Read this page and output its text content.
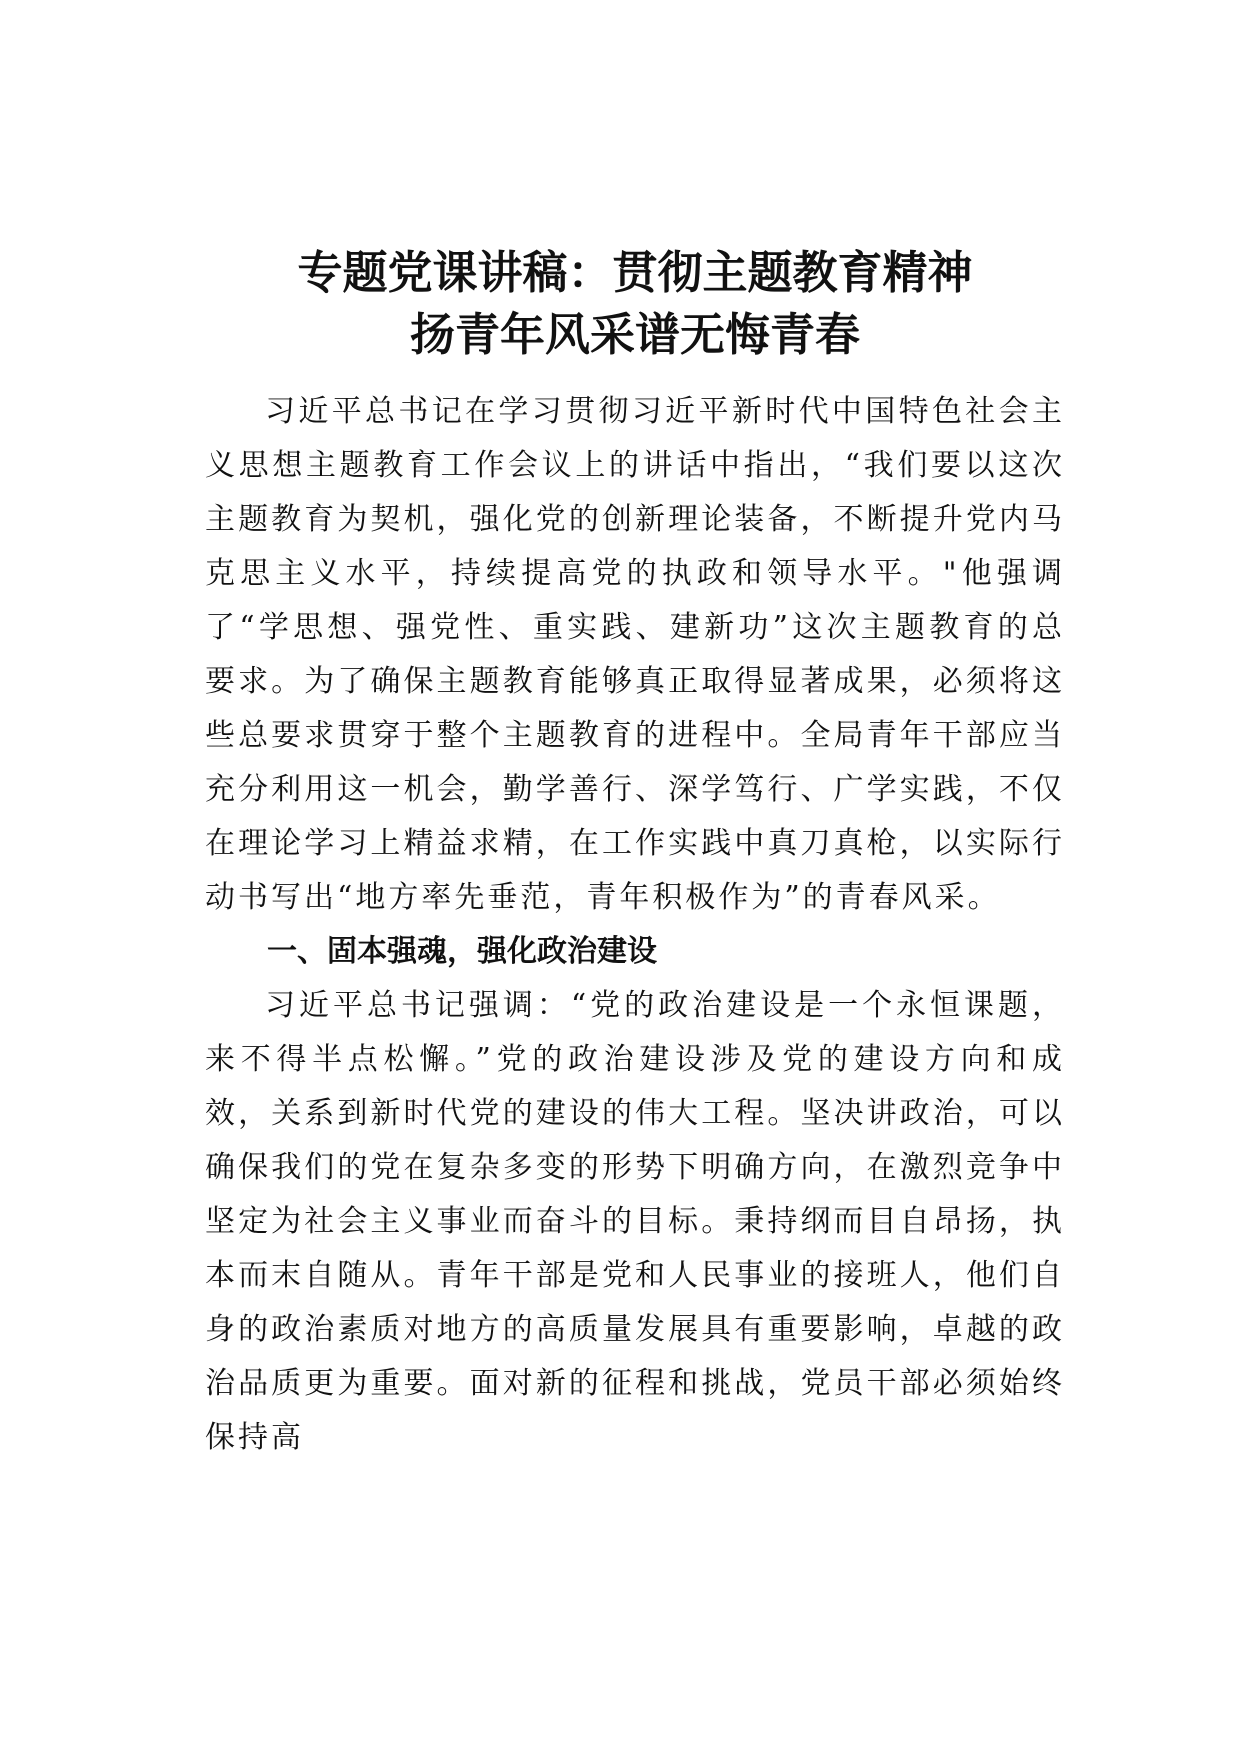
专题党课讲稿：贯彻主题教育精神
扬青年风采谱无悔青春

习近平总书记在学习贯彻习近平新时代中国特色社会主义思想主题教育工作会议上的讲话中指出，“我们要以这次主题教育为契机，强化党的创新理论装备，不断提升党内马克思主义水平，持续提高党的执政和领导水平。"他强调了“学思想、强党性、重实践、建新功”这次主题教育的总要求。为了确保主题教育能够真正取得显著成果，必须将这些总要求贯穿于整个主题教育的进程中。全局青年干部应当充分利用这一机会，勤学善行、深学笃行、广学实践，不仅在理论学习上精益求精，在工作实践中真刀真枪，以实际行动书写出“地方率先垂范，青年积极作为”的青春风采。

一、固本强魂，强化政治建设

习近平总书记强调：“党的政治建设是一个永恒课题，来不得半点松懈。”党的政治建设涉及党的建设方向和成效，关系到新时代党的建设的伟大工程。坚决讲政治，可以确保我们的党在复杂多变的形势下明确方向，在激烈竞争中坚定为社会主义事业而奋斗的目标。秉持纲而目自昂扬，执本而末自随从。青年干部是党和人民事业的接班人，他们自身的政治素质对地方的高质量发展具有重要影响，卓越的政治品质更为重要。面对新的征程和挑战，党员干部必须始终保持高
